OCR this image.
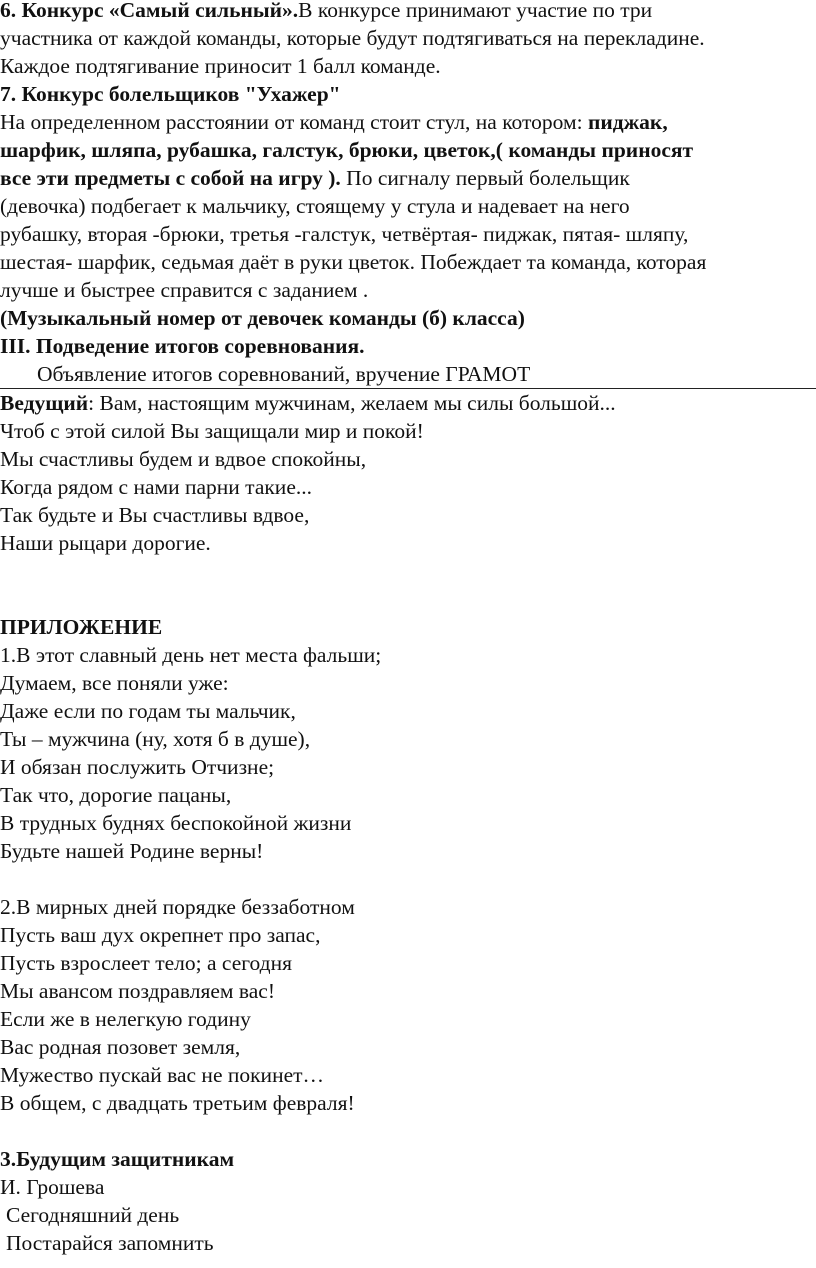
6. Конкурс «Самый сильный».В конкурсе принимают участие по три
участника от каждой команды, которые будут подтягиваться на перекладине.
Каждое подтягивание приносит 1 балл команде.
7. Конкурс болельщиков "Ухажер"
На определенном расстоянии от команд стоит стул, на котором: пиджак,
шарфик, шляпа, рубашка, галстук, брюки, цветок,( команды приносят
все эти предметы с собой на игру ). По сигналу первый болельщик
(девочка) подбегает к мальчику, стоящему у стула и надевает на него
рубашку, вторая -брюки, третья -галстук, четвёртая- пиджак, пятая- шляпу,
шестая- шарфик, седьмая даёт в руки цветок. Побеждает та команда, которая
лучше и быстрее справится с заданием .
(Музыкальный номер от девочек команды (б) класса)
III. Подведение итогов соревнования.
Объявление итогов соревнований, вручение ГРАМОТ
Ведущий: Вам, настоящим мужчинам, желаем мы силы большой...
Чтоб с этой силой Вы защищали мир и покой!
Мы счастливы будем и вдвое спокойны,
Когда рядом с нами парни такие...
Так будьте и Вы счастливы вдвое,
Наши рыцари дорогие.
ПРИЛОЖЕНИЕ
1.В этот славный день нет места фальши;
Думаем, все поняли уже:
Даже если по годам ты мальчик,
Ты – мужчина (ну, хотя б в душе),
И обязан послужить Отчизне;
Так что, дорогие пацаны,
В трудных буднях беспокойной жизни
Будьте нашей Родине верны!
2.В мирных дней порядке беззаботном
Пусть ваш дух окрепнет про запас,
Пусть взрослеет тело; а сегодня
Мы авансом поздравляем вас!
Если же в нелегкую годину
Вас родная позовет земля,
Мужество пускай вас не покинет…
В общем, с двадцать третьим февраля!
3.Будущим защитникам
И. Грошева
Сегодняшний день
Постарайся запомнить
